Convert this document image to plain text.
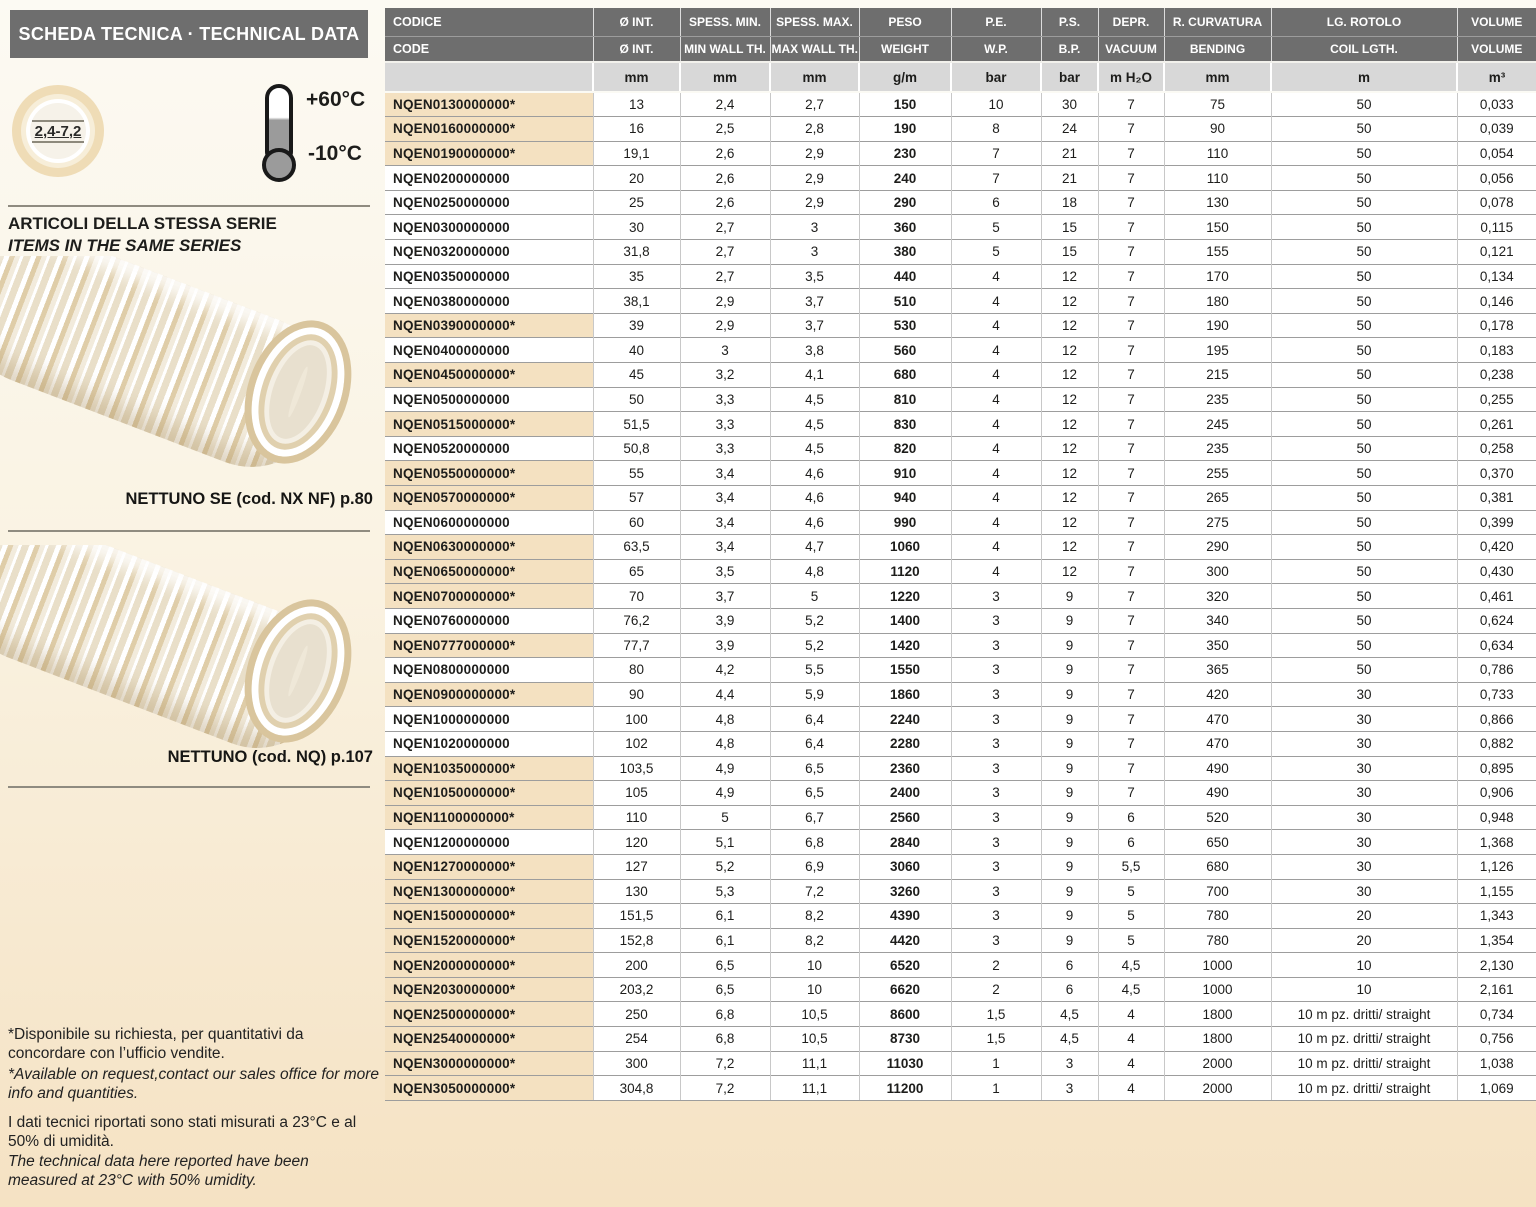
SCHEDA TECNICA · TECHNICAL DATA
2,4-7,2
+60°C
-10°C
ARTICOLI DELLA STESSA SERIE
ITEMS IN THE SAME SERIES
NETTUNO SE (cod. NX NF) p.80
NETTUNO (cod. NQ) p.107
*Disponibile su richiesta, per quantitativi da concordare con l’ufficio vendite.
*Available on request,contact our sales office for more info and quantities.
I dati tecnici riportati sono stati misurati a 23°C e al 50% di umidità.
The technical data here reported have been measured at 23°C with 50% umidity.
CODICE	Ø INT.	SPESS. MIN.	SPESS. MAX.	PESO	P.E.	P.S.	DEPR.	R. CURVATURA	LG. ROTOLO	VOLUME
CODE	Ø INT.	MIN WALL TH.	MAX WALL TH.	WEIGHT	W.P.	B.P.	VACUUM	BENDING	COIL LGTH.	VOLUME
	mm	mm	mm	g/m	bar	bar	m H₂O	mm	m	m³
NQEN0130000000*	13	2,4	2,7	150	10	30	7	75	50	0,033
NQEN0160000000*	16	2,5	2,8	190	8	24	7	90	50	0,039
NQEN0190000000*	19,1	2,6	2,9	230	7	21	7	110	50	0,054
NQEN0200000000	20	2,6	2,9	240	7	21	7	110	50	0,056
NQEN0250000000	25	2,6	2,9	290	6	18	7	130	50	0,078
NQEN0300000000	30	2,7	3	360	5	15	7	150	50	0,115
NQEN0320000000	31,8	2,7	3	380	5	15	7	155	50	0,121
NQEN0350000000	35	2,7	3,5	440	4	12	7	170	50	0,134
NQEN0380000000	38,1	2,9	3,7	510	4	12	7	180	50	0,146
NQEN0390000000*	39	2,9	3,7	530	4	12	7	190	50	0,178
NQEN0400000000	40	3	3,8	560	4	12	7	195	50	0,183
NQEN0450000000*	45	3,2	4,1	680	4	12	7	215	50	0,238
NQEN0500000000	50	3,3	4,5	810	4	12	7	235	50	0,255
NQEN0515000000*	51,5	3,3	4,5	830	4	12	7	245	50	0,261
NQEN0520000000	50,8	3,3	4,5	820	4	12	7	235	50	0,258
NQEN0550000000*	55	3,4	4,6	910	4	12	7	255	50	0,370
NQEN0570000000*	57	3,4	4,6	940	4	12	7	265	50	0,381
NQEN0600000000	60	3,4	4,6	990	4	12	7	275	50	0,399
NQEN0630000000*	63,5	3,4	4,7	1060	4	12	7	290	50	0,420
NQEN0650000000*	65	3,5	4,8	1120	4	12	7	300	50	0,430
NQEN0700000000*	70	3,7	5	1220	3	9	7	320	50	0,461
NQEN0760000000	76,2	3,9	5,2	1400	3	9	7	340	50	0,624
NQEN0777000000*	77,7	3,9	5,2	1420	3	9	7	350	50	0,634
NQEN0800000000	80	4,2	5,5	1550	3	9	7	365	50	0,786
NQEN0900000000*	90	4,4	5,9	1860	3	9	7	420	30	0,733
NQEN1000000000	100	4,8	6,4	2240	3	9	7	470	30	0,866
NQEN1020000000	102	4,8	6,4	2280	3	9	7	470	30	0,882
NQEN1035000000*	103,5	4,9	6,5	2360	3	9	7	490	30	0,895
NQEN1050000000*	105	4,9	6,5	2400	3	9	7	490	30	0,906
NQEN1100000000*	110	5	6,7	2560	3	9	6	520	30	0,948
NQEN1200000000	120	5,1	6,8	2840	3	9	6	650	30	1,368
NQEN1270000000*	127	5,2	6,9	3060	3	9	5,5	680	30	1,126
NQEN1300000000*	130	5,3	7,2	3260	3	9	5	700	30	1,155
NQEN1500000000*	151,5	6,1	8,2	4390	3	9	5	780	20	1,343
NQEN1520000000*	152,8	6,1	8,2	4420	3	9	5	780	20	1,354
NQEN2000000000*	200	6,5	10	6520	2	6	4,5	1000	10	2,130
NQEN2030000000*	203,2	6,5	10	6620	2	6	4,5	1000	10	2,161
NQEN2500000000*	250	6,8	10,5	8600	1,5	4,5	4	1800	10 m pz. dritti/ straight	0,734
NQEN2540000000*	254	6,8	10,5	8730	1,5	4,5	4	1800	10 m pz. dritti/ straight	0,756
NQEN3000000000*	300	7,2	11,1	11030	1	3	4	2000	10 m pz. dritti/ straight	1,038
NQEN3050000000*	304,8	7,2	11,1	11200	1	3	4	2000	10 m pz. dritti/ straight	1,069
